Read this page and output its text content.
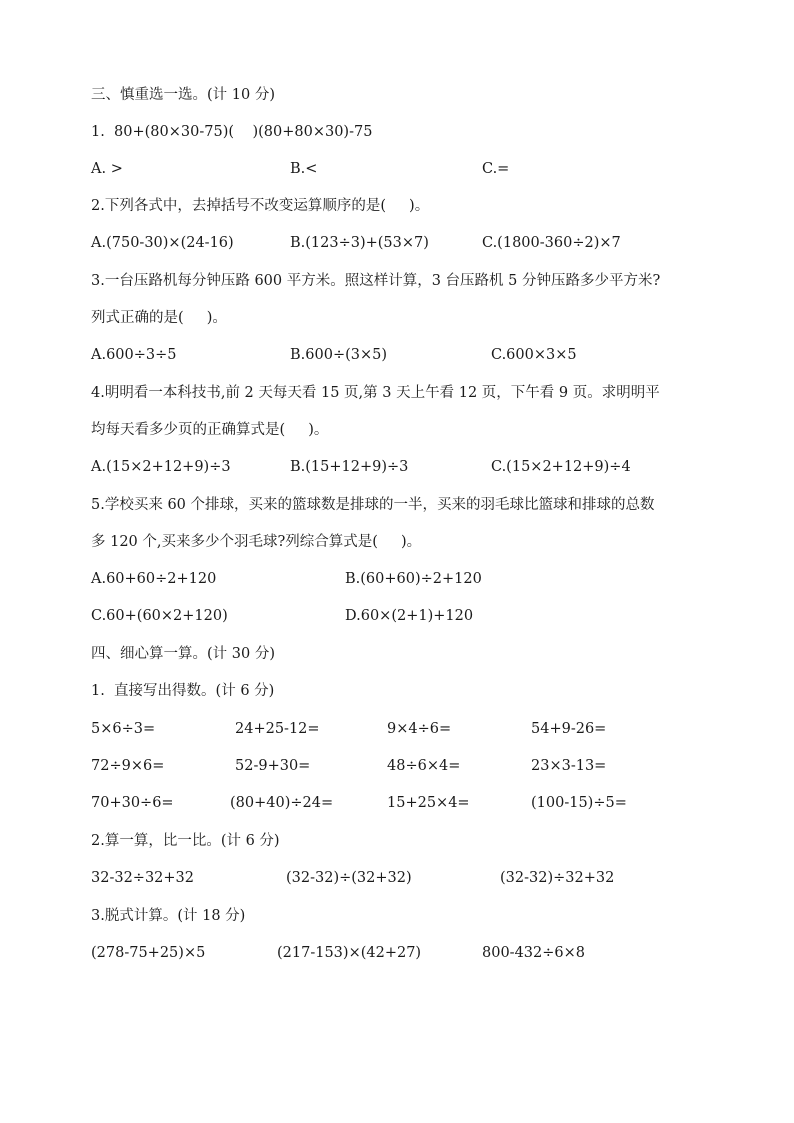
三、慎重选一选。(计 10 分)
1.  80+(80×30-75)(    )(80+80×30)-75
A. >	B.<	C.=
2.下列各式中，去掉括号不改变运算顺序的是(     )。
A.(750-30)×(24-16)	B.(123÷3)+(53×7)	C.(1800-360÷2)×7
3.一台压路机每分钟压路 600 平方米。照这样计算，3 台压路机 5 分钟压路多少平方米?
列式正确的是(     )。
A.600÷3÷5	B.600÷(3×5)	C.600×3×5
4.明明看一本科技书,前 2 天每天看 15 页,第 3 天上午看 12 页，下午看 9 页。求明明平
均每天看多少页的正确算式是(     )。
A.(15×2+12+9)÷3	B.(15+12+9)÷3	C.(15×2+12+9)÷4
5.学校买来 60 个排球，买来的篮球数是排球的一半，买来的羽毛球比篮球和排球的总数
多 120 个,买来多少个羽毛球?列综合算式是(     )。
A.60+60÷2+120	B.(60+60)÷2+120
C.60+(60×2+120)	D.60×(2+1)+120
四、细心算一算。(计 30 分)
1.  直接写出得数。(计 6 分)
5×6÷3=	24+25-12=	9×4÷6=	54+9-26=
72÷9×6=	52-9+30=	48÷6×4=	23×3-13=
70+30÷6=	(80+40)÷24=	15+25×4=	(100-15)÷5=
2.算一算，比一比。(计 6 分)
32-32÷32+32	(32-32)÷(32+32)	(32-32)÷32+32
3.脱式计算。(计 18 分)
(278-75+25)×5	(217-153)×(42+27)	800-432÷6×8
